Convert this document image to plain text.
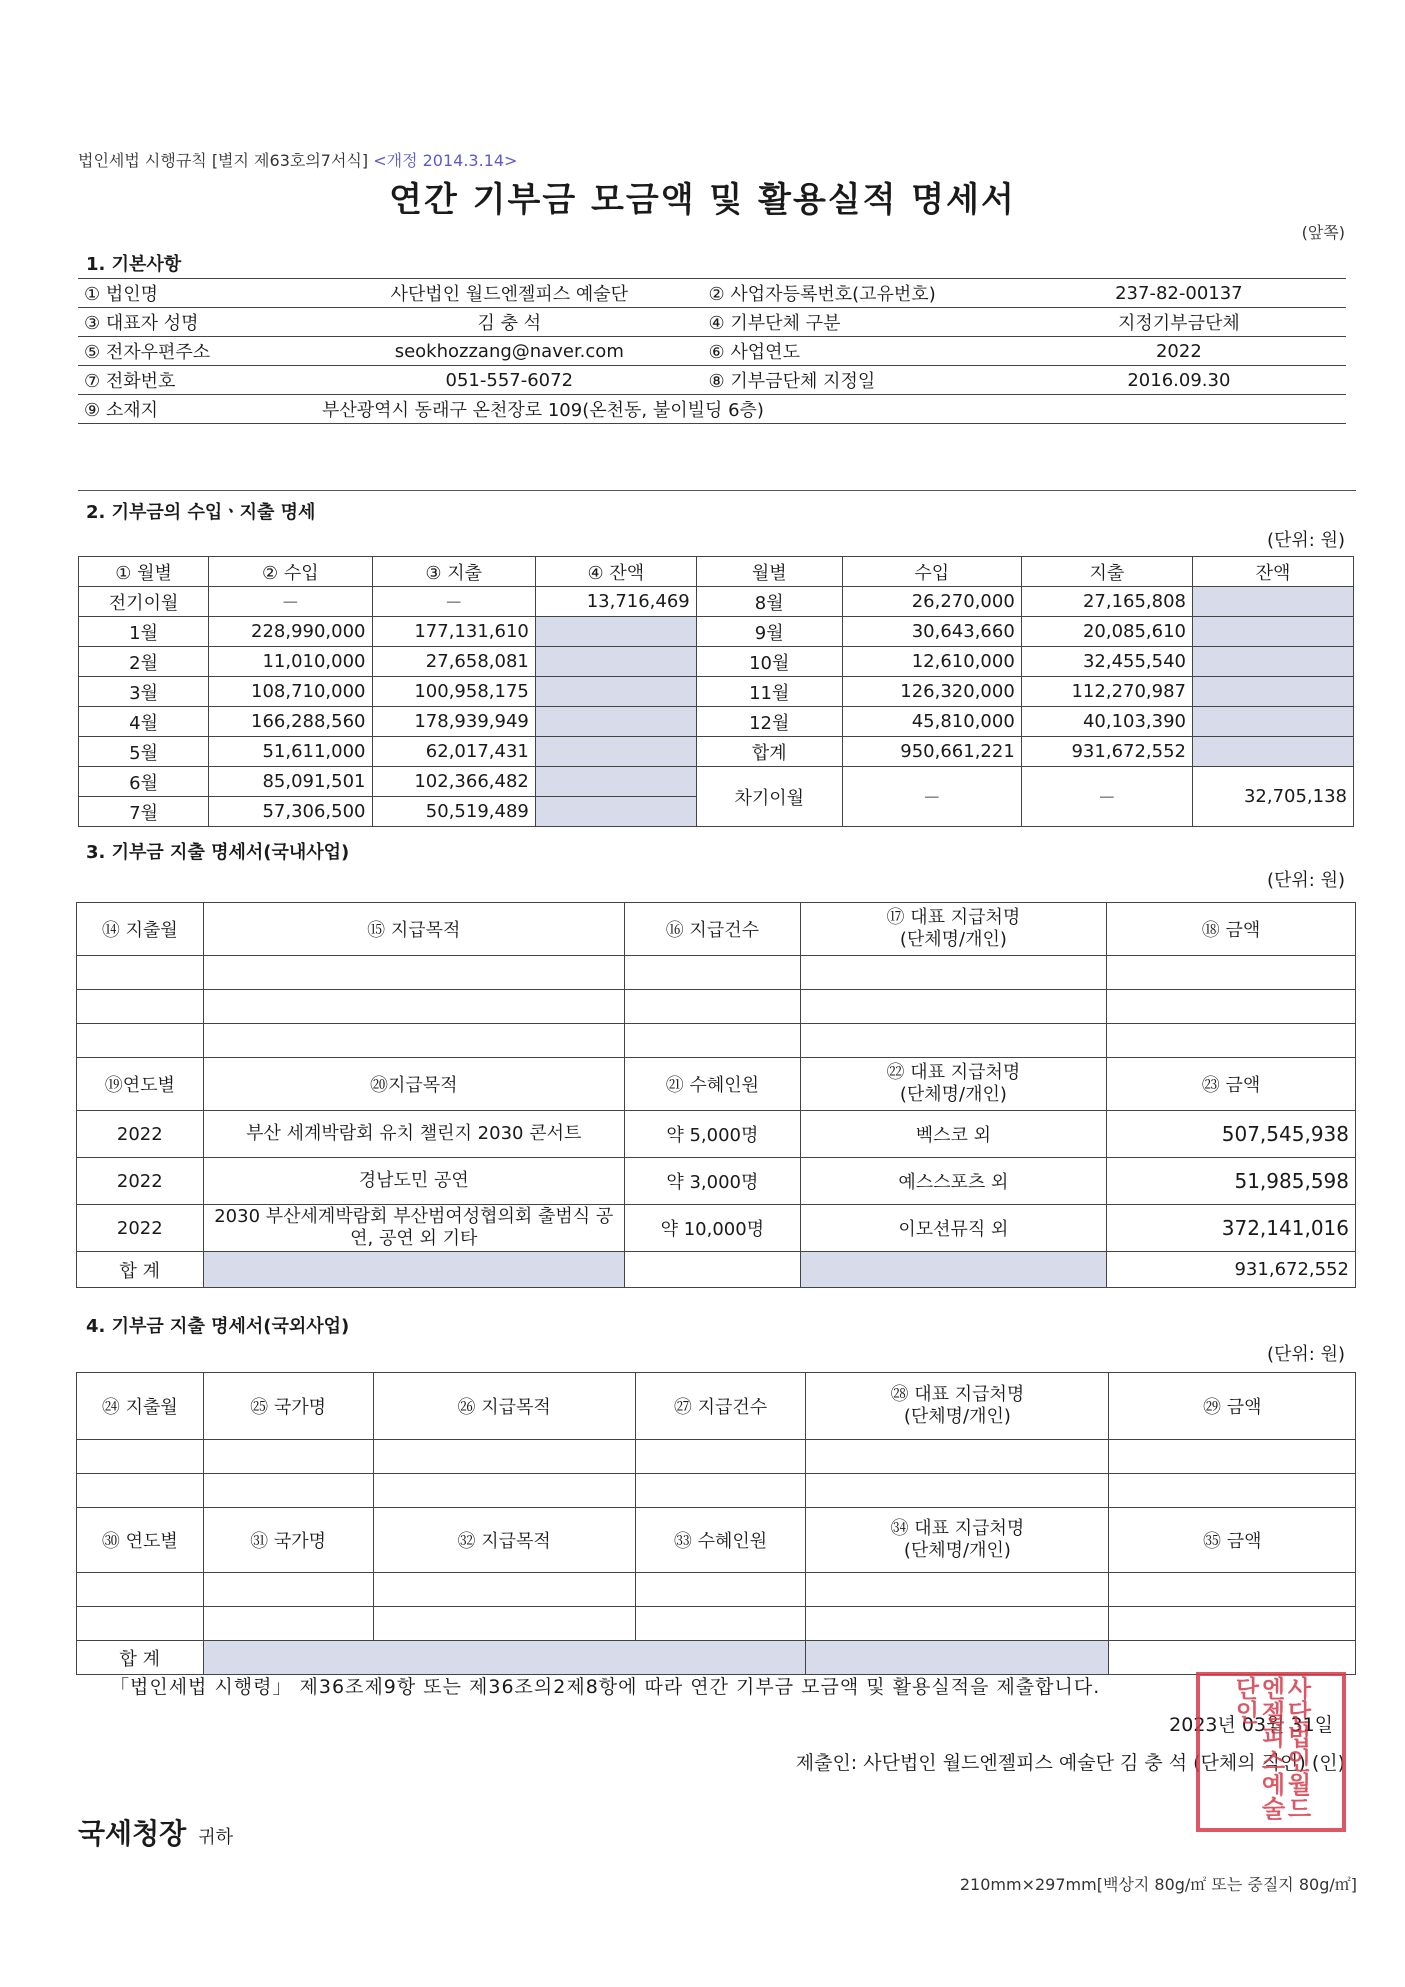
법인세법 시행규칙 [별지 제63호의7서식] <개정 2014.3.14>
연간 기부금 모금액 및 활용실적 명세서
(앞쪽)
1. 기본사항
① 법인명	사단법인 월드엔젤피스 예술단	② 사업자등록번호(고유번호)	237-82-00137
③ 대표자 성명	김 충 석	④ 기부단체 구분	지정기부금단체
⑤ 전자우편주소	seokhozzang@naver.com	⑥ 사업연도	2022
⑦ 전화번호	051-557-6072	⑧ 기부금단체 지정일	2016.09.30
⑨ 소재지	부산광역시 동래구 온천장로 109(온천동, 불이빌딩 6층)		
2. 기부금의 수입ㆍ지출 명세
(단위: 원)
① 월별	② 수입	③ 지출	④ 잔액	월별	수입	지출	잔액
전기이월	－	－	13,716,469	8월	26,270,000	27,165,808	
1월	228,990,000	177,131,610		9월	30,643,660	20,085,610	
2월	11,010,000	27,658,081		10월	12,610,000	32,455,540	
3월	108,710,000	100,958,175		11월	126,320,000	112,270,987	
4월	166,288,560	178,939,949		12월	45,810,000	40,103,390	
5월	51,611,000	62,017,431		합계	950,661,221	931,672,552	
6월	85,091,501	102,366,482		차기이월	－	－	32,705,138
7월	57,306,500	50,519,489					
3. 기부금 지출 명세서(국내사업)
(단위: 원)
⑭ 지출월	⑮ 지급목적	⑯ 지급건수	⑰ 대표 지급처명
(단체명/개인)	⑱ 금액

⑲연도별	⑳지급목적	㉑ 수혜인원	㉒ 대표 지급처명
(단체명/개인)	㉓ 금액
2022	부산 세계박람회 유치 챌린지 2030 콘서트	약 5,000명	벡스코 외	507,545,938
2022	경남도민 공연	약 3,000명	예스스포츠 외	51,985,598
2022	2030 부산세계박람회 부산범여성협의회 출범식 공연, 공연 외 기타	약 10,000명	이모션뮤직 외	372,141,016
합 계				931,672,552
4. 기부금 지출 명세서(국외사업)
(단위: 원)
㉔ 지출월	㉕ 국가명	㉖ 지급목적	㉗ 지급건수	㉘ 대표 지급처명
(단체명/개인)	㉙ 금액

㉚ 연도별	㉛ 국가명	㉜ 지급목적	㉝ 수혜인원	㉞ 대표 지급처명
(단체명/개인)	㉟ 금액

합 계					
「법인세법 시행령」 제36조제9항 또는 제36조의2제8항에 따라 연간 기부금 모금액 및 활용실적을 제출합니다.
2023년 03월 31일
제출인: 사단법인 월드엔젤피스 예술단 김 충 석 (단체의 직인) (인)
국세청장 귀하
210mm×297mm[백상지 80g/㎡ 또는 중질지 80g/㎡]
사단법인월드엔젤피스예술단인
